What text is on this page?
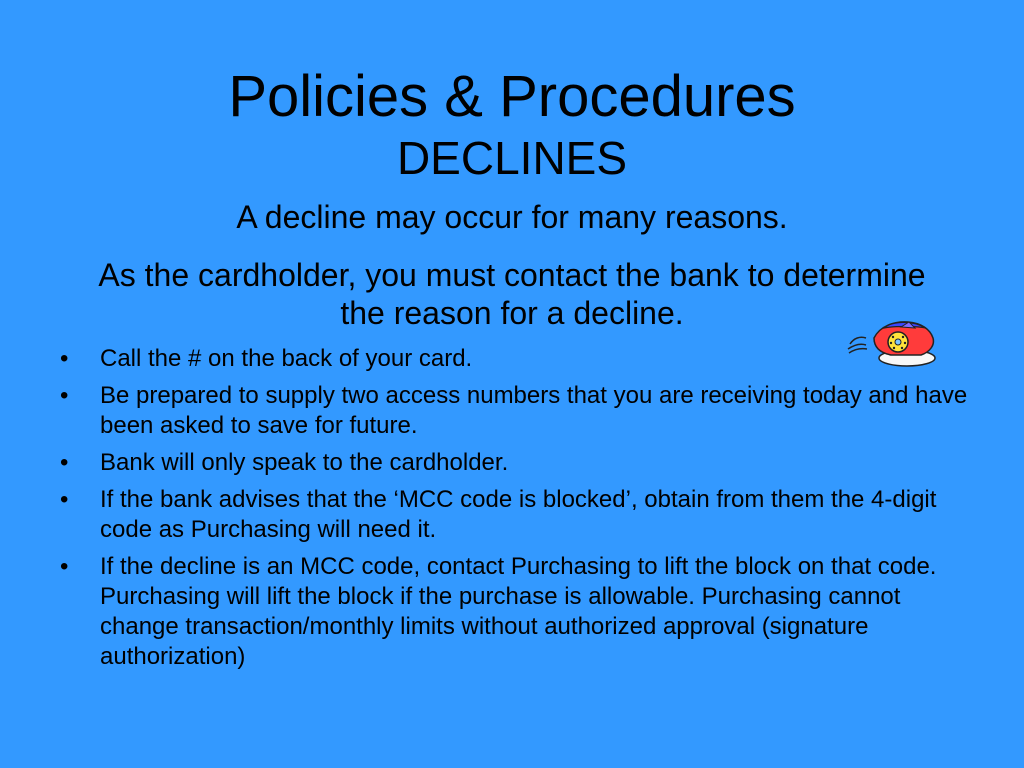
Policies & Procedures
DECLINES

A decline may occur for many reasons.

As the cardholder, you must contact the bank to determine the reason for a decline.

•	Call the # on the back of your card.
•	Be prepared to supply two access numbers that you are receiving today and have been asked to save for future.
•	Bank will only speak to the cardholder.
•	If the bank advises that the ‘MCC code is blocked’, obtain from them the 4-digit code as Purchasing will need it.
•	If the decline is an MCC code, contact Purchasing to lift the block on that code. Purchasing will lift the block if the purchase is allowable. Purchasing cannot change transaction/monthly limits without authorized approval (signature authorization)
